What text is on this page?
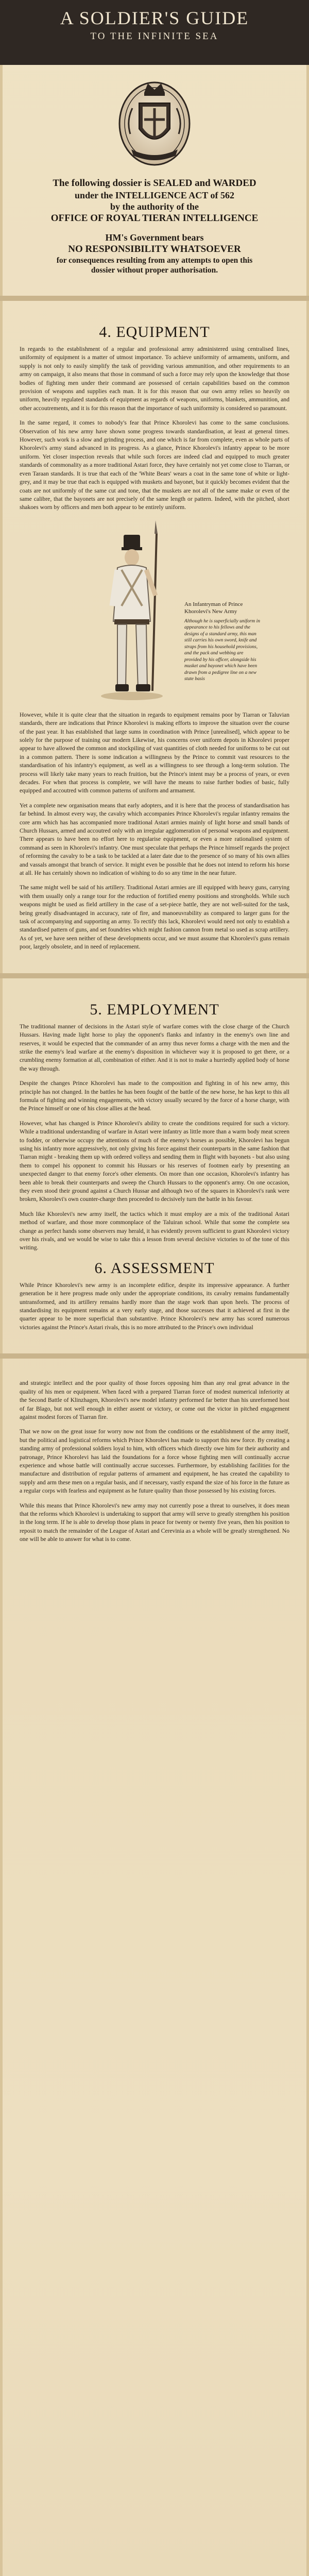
A SOLDIER'S GUIDE
TO THE INFINITE SEA
The following dossier is SEALED and WARDED
under the INTELLIGENCE ACT of 562
by the authority of the
OFFICE OF ROYAL TIERAN INTELLIGENCE
HM's Government bears
NO RESPONSIBILITY WHATSOEVER
for consequences resulting from any attempts to open this
dossier without proper authorisation.
4. EQUIPMENT

In regards to the establishment of a regular and professional army administered using centralised lines, uniformity of equipment is a matter of utmost importance. To achieve uniformity of armaments, uniform, and supply is not only to easily simplify the task of providing various ammunition, and other requirements to an army on campaign, it also means that those in command of such a force may rely upon the knowledge that those bodies of fighting men under their command are possessed of certain capabilities based on the common provision of weapons and supplies each man. It is for this reason that our own army relies so heavily on uniform, heavily regulated standards of equipment as regards of weapons, uniforms, blankets, ammunition, and other accoutrements, and it is for this reason that the importance of such uniformity is considered so paramount.

In the same regard, it comes to nobody's fear that Prince Khorolevi has come to the same conclusions. Observation of his new army have shown some progress towards standardisation, at least at general times. However, such work is a slow and grinding process, and one which is far from complete, even as whole parts of Khorolevi's army stand advanced in its progress. As a glance, Prince Khorolevi's infantry appear to be more uniform. Yet closer inspection reveals that while such forces are indeed clad and equipped to much greater standards of commonality as a more traditional Astari force, they have certainly not yet come close to Tiarran, or even Taraan standards. It is true that each of the 'White Bears' wears a coat in the same tone of white or light-grey, and it may be true that each is equipped with muskets and bayonet, but it quickly becomes evident that the coats are not uniformly of the same cut and tone, that the muskets are not all of the same make or even of the same calibre, that the bayonets are not precisely of the same length or pattern. Indeed, with the pitched, short shakoes worn by officers and men both appear to be entirely uniform.

An Infantryman of Prince Khorolevi's New Army
Although he is superficially uniform in appearance to his fellows and the designs of a standard army, this man still carries his own sword, knife and straps from his household provisions, and the pack and webbing are provided by his officer, alongside his musket and bayonet which have been drawn from a pedigree line on a new state basis

However, while it is quite clear that the situation in regards to equipment remains poor by Tiarran or Taluvian standards, there are indications that Prince Khorolevi is making efforts to improve the situation over the course of the past year. It has established that large sums in coordination with Prince [unrealised], which appear to be solely for the purpose of training our modern Likewise, his concerns over uniform depots in Khorolevi proper appear to have allowed the common and stockpiling of vast quantities of cloth needed for uniforms to be cut out in a common pattern. There is some indication a willingness by the Prince to commit vast resources to the standardisation of his infantry's equipment, as well as a willingness to see through a long-term solution. The process will likely take many years to reach fruition, but the Prince's intent may be a process of years, or even decades. For when that process is complete, we will have the means to raise further bodies of basic, fully equipped and accoutred with common patterns of uniform and armament.

Yet a complete new organisation means that early adopters, and it is here that the process of standardisation has far behind. In almost every way, the cavalry which accompanies Prince Khorolevi's regular infantry remains the core arm which has has accompanied more traditional Astari armies mainly of light horse and small bands of Church Hussars, armed and accoutred only with an irregular agglomeration of personal weapons and equipment. There appears to have been no effort here to regularise equipment, or even a more rationalised system of command as seen in Khorolevi's infantry. One must speculate that perhaps the Prince himself regards the project of reforming the cavalry to be a task to be tackled at a later date due to the presence of so many of his own allies and vassals amongst that branch of service. It might even be possible that he does not intend to reform his horse at all. He has certainly shown no indication of wishing to do so any time in the near future.

The same might well be said of his artillery. Traditional Astari armies are ill equipped with heavy guns, carrying with them usually only a range tour for the reduction of fortified enemy positions and strongholds. While such weapons might be used as field artillery in the case of a set-piece battle, they are not well-suited for the task, being greatly disadvantaged in accuracy, rate of fire, and manoeuvrability as compared to larger guns for the task of accompanying and supporting an army. To rectify this lack, Khorolevi would need not only to establish a standardised pattern of guns, and set foundries which might fashion cannon from metal so used as scrap artillery. As of yet, we have seen neither of these developments occur, and we must assume that Khorolevi's guns remain poor, largely obsolete, and in need of replacement.

5. EMPLOYMENT

The traditional manner of decisions in the Astari style of warfare comes with the close charge of the Church Hussars. Having made light horse to play the opponent's flanks and infantry in the enemy's own line and reserves, it would be expected that the commander of an army thus never forms a charge with the men and the strike the enemy's lead warfare at the enemy's disposition in whichever way it is proposed to get there, or a crumbling enemy formation at all, combination of either. And it is not to make a hurriedly applied body of horse the way through.

Despite the changes Prince Khorolevi has made to the composition and fighting in of his new army, this principle has not changed. In the battles he has been fought of the battle of the new horse, he has kept to this all formula of fighting and winning engagements, with victory usually secured by the force of a horse charge, with the Prince himself or one of his close allies at the head.

However, what has changed is Prince Khorolevi's ability to create the conditions required for such a victory. While a traditional understanding of warfare in Astari were infantry as little more than a warm body meat screen to fodder, or otherwise occupy the attentions of much of the enemy's horses as possible, Khorolevi has begun using his infantry more aggressively, not only giving his force against their counterparts in the same fashion that Tiarran might - breaking them up with ordered volleys and sending them in flight with bayonets - but also using them to compel his opponent to commit his Hussars or his reserves of footmen early by presenting an unexpected danger to that enemy force's other elements. On more than one occasion, Khorolevi's infantry has been able to break their counterparts and sweep the Church Hussars to the opponent's army. On one occasion, they even stood their ground against a Church Hussar and although two of the squares in Khorolevi's rank were broken, Khorolevi's own counter-charge then proceeded to decisively turn the battle in his favour.

Much like Khorolevi's new army itself, the tactics which it must employ are a mix of the traditional Astari method of warfare, and those more commonplace of the Taluiran school. While that some the complete sea change as perfect hands some observers may herald, it has evidently proven sufficient to grant Khorolevi victory over his rivals, and we would be wise to take this a lesson from several decisive victories to of the tone of this writing.

6. ASSESSMENT

While Prince Khorolevi's new army is an incomplete edifice, despite its impressive appearance. A further generation be it here progress made only under the appropriate conditions, its cavalry remains fundamentally untransformed, and its artillery remains hardly more than the stage work than upon heels. The process of standardising its equipment remains at a very early stage, and those successes that it achieved at first in the quarter appear to be more superficial than substantive. Prince Khorolevi's new army has scored numerous victories against the Prince's Astari rivals, this is no more attributed to the Prince's own individual

and strategic intellect and the poor quality of those forces opposing him than any real great advance in the quality of his men or equipment. When faced with a prepared Tiarran force of modest numerical inferiority at the Second Battle of Klinzhagen, Khorolevi's new model infantry performed far better than his unreformed host of far Blago, but not well enough in either assent or victory, or come out the victor in pitched engagement against modest forces of Tiarran fire.

That we now on the great issue for worry now not from the conditions or the establishment of the army itself, but the political and logistical reforms which Prince Khorolevi has made to support this new force. By creating a standing army of professional soldiers loyal to him, with officers which directly owe him for their authority and patronage, Prince Khorolevi has laid the foundations for a force whose fighting men will continually accrue experience and whose battle will continually accrue successes. Furthermore, by establishing facilities for the manufacture and distribution of regular patterns of armament and equipment, he has created the capability to supply and arm these men on a regular basis, and if necessary, vastly expand the size of his force in the future as a regular corps with fearless and equipment as he future quality than those possessed by his existing forces.

While this means that Prince Khorolevi's new army may not currently pose a threat to ourselves, it does mean that the reforms which Khorolevi is undertaking to support that army will serve to greatly strengthen his position in the long term. If he is able to develop those plans in peace for twenty or twenty five years, then his position to reposit to match the remainder of the League of Astari and Cerevinia as a whole will be greatly strengthened. No one will be able to answer for what is to come.
